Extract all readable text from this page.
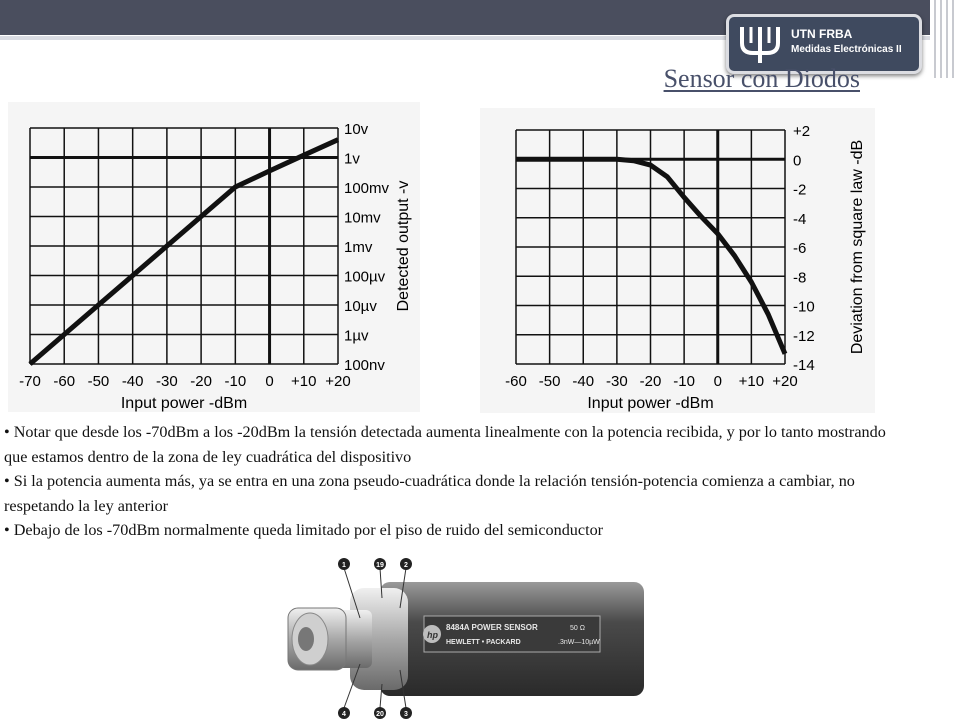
UTN FRBA
Medidas Electrónicas II
Sensor con Diodos
-70 -60 -50 -40 -30 -20 -10 0 +10 +20
10v
1v
100mv
10mv
1mv
100µv
10µv
1µv
100nv
Input power -dBm
Detected output -v
-60 -50 -40 -30 -20 -10 0 +10 +20
+2
0
-2
-4
-6
-8
-10
-12
-14
Input power -dBm
Deviation from square law -dB

• Notar que desde los -70dBm a los -20dBm la tensión detectada aumenta linealmente con la potencia recibida, y por lo tanto mostrando que estamos dentro de la zona de ley cuadrática del dispositivo

• Si la potencia aumenta más, ya se entra en una zona pseudo-cuadrática donde la relación tensión-potencia comienza a cambiar, no respetando la ley anterior

• Debajo de los -70dBm normalmente queda limitado por el piso de ruido del semiconductor

hp
8484A POWER SENSOR
HEWLETT • PACKARD
50 Ω
.3nW—10µW
1	19	2
4	20	3
